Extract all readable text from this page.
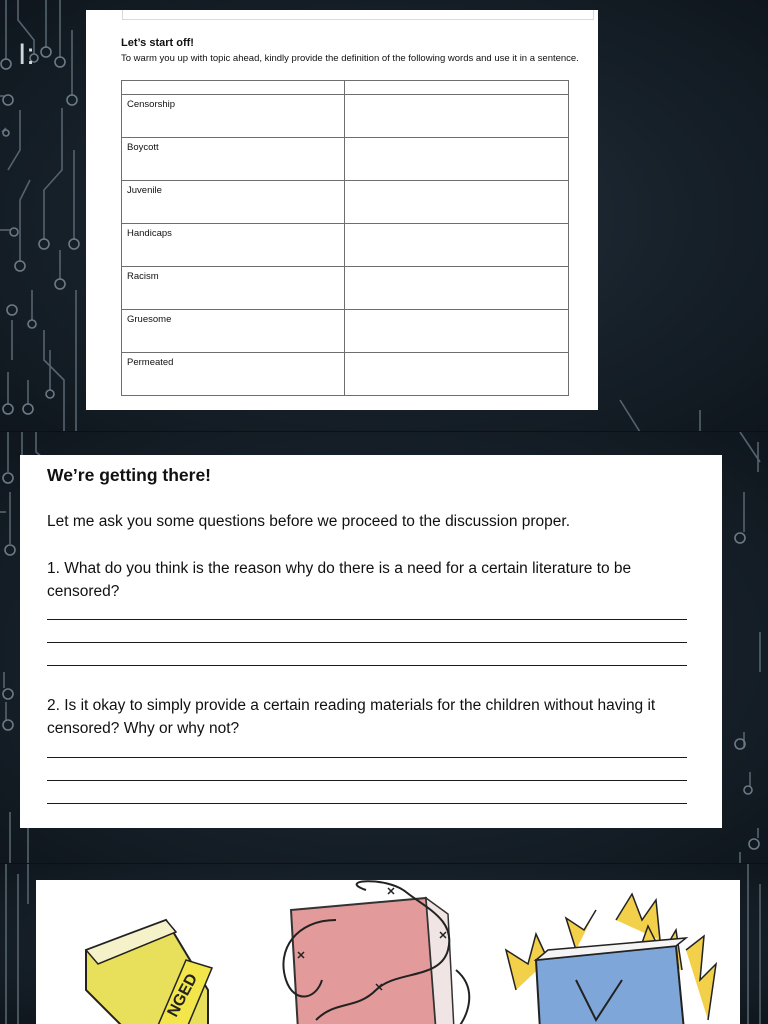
I:	Let’s start off!

To warm you up with topic ahead, kindly provide the definition of the following words and use it in a sentence.

Censorship	
Boycott	
Juvenile	
Handicaps	
Racism	
Gruesome	
Permeated	

We’re getting there!

Let me ask you some questions before we proceed to the discussion proper.

1. What do you think is the reason why do there is a need for a certain literature to be censored?

2. Is it okay to simply provide a certain reading materials for the children without having it censored? Why or why not?

NGED
